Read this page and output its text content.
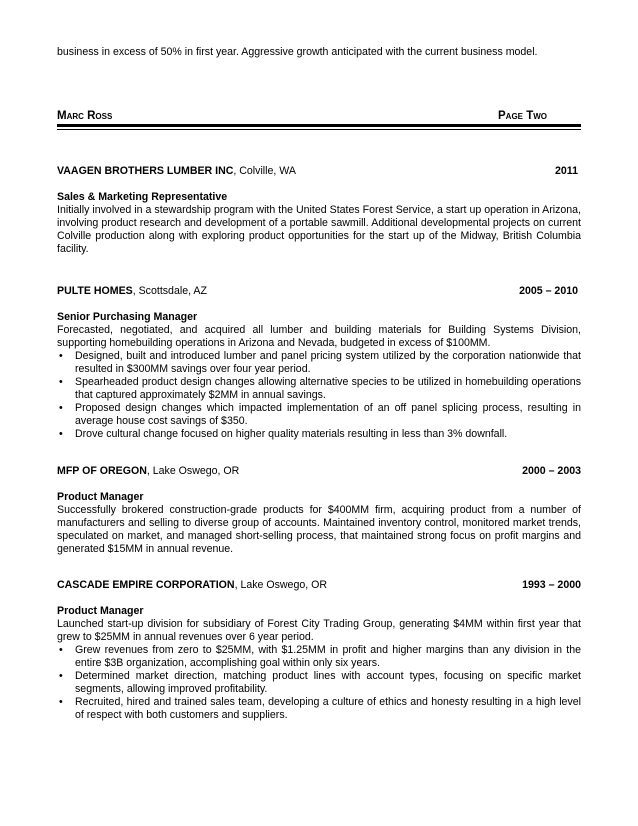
business in excess of 50% in first year. Aggressive growth anticipated with the current business model.
Marc Ross	Page Two
VAAGEN BROTHERS LUMBER INC, Colville, WA	2011
Sales & Marketing Representative
Initially involved in a stewardship program with the United States Forest Service, a start up operation in Arizona, involving product research and development of a portable sawmill. Additional developmental projects on current Colville production along with exploring product opportunities for the start up of the Midway, British Columbia facility.
PULTE HOMES, Scottsdale, AZ	2005 – 2010
Senior Purchasing Manager
Forecasted, negotiated, and acquired all lumber and building materials for Building Systems Division, supporting homebuilding operations in Arizona and Nevada, budgeted in excess of $100MM.
• Designed, built and introduced lumber and panel pricing system utilized by the corporation nationwide that resulted in $300MM savings over four year period.
• Spearheaded product design changes allowing alternative species to be utilized in homebuilding operations that captured approximately $2MM in annual savings.
• Proposed design changes which impacted implementation of an off panel splicing process, resulting in average house cost savings of $350.
• Drove cultural change focused on higher quality materials resulting in less than 3% downfall.
MFP OF OREGON, Lake Oswego, OR	2000 – 2003
Product Manager
Successfully brokered construction-grade products for $400MM firm, acquiring product from a number of manufacturers and selling to diverse group of accounts. Maintained inventory control, monitored market trends, speculated on market, and managed short-selling process, that maintained strong focus on profit margins and generated $15MM in annual revenue.
CASCADE EMPIRE CORPORATION, Lake Oswego, OR	1993 – 2000
Product Manager
Launched start-up division for subsidiary of Forest City Trading Group, generating $4MM within first year that grew to $25MM in annual revenues over 6 year period.
• Grew revenues from zero to $25MM, with $1.25MM in profit and higher margins than any division in the entire $3B organization, accomplishing goal within only six years.
• Determined market direction, matching product lines with account types, focusing on specific market segments, allowing improved profitability.
• Recruited, hired and trained sales team, developing a culture of ethics and honesty resulting in a high level of respect with both customers and suppliers.
